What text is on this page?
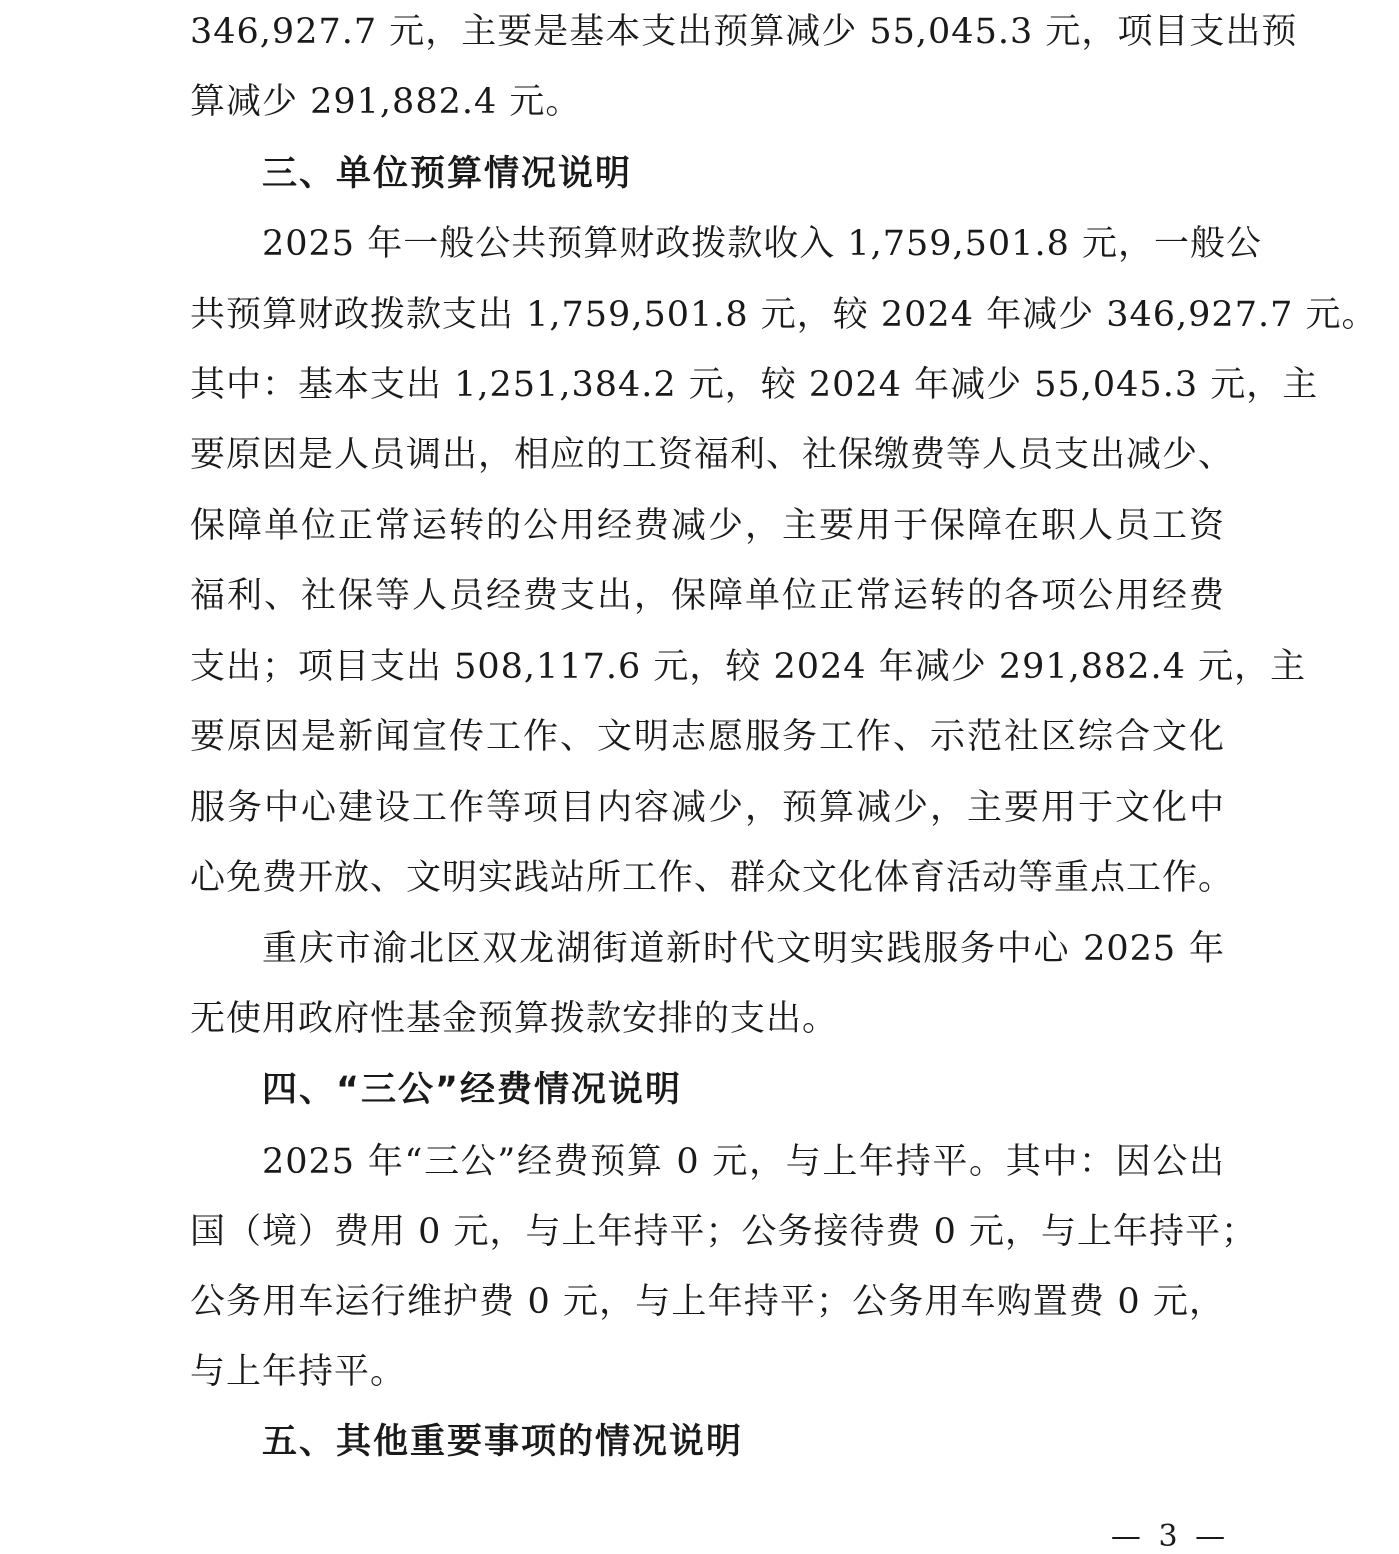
346,927.7 元，主要是基本支出预算减少 55,045.3 元，项目支出预
算减少 291,882.4 元。
三、单位预算情况说明
2025 年一般公共预算财政拨款收入 1,759,501.8 元，一般公
共预算财政拨款支出 1,759,501.8 元，较 2024 年减少 346,927.7 元。
其中：基本支出 1,251,384.2 元，较 2024 年减少 55,045.3 元，主
要原因是人员调出，相应的工资福利、社保缴费等人员支出减少、
保障单位正常运转的公用经费减少，主要用于保障在职人员工资
福利、社保等人员经费支出，保障单位正常运转的各项公用经费
支出；项目支出 508,117.6 元，较 2024 年减少 291,882.4 元，主
要原因是新闻宣传工作、文明志愿服务工作、示范社区综合文化
服务中心建设工作等项目内容减少，预算减少，主要用于文化中
心免费开放、文明实践站所工作、群众文化体育活动等重点工作。
重庆市渝北区双龙湖街道新时代文明实践服务中心 2025 年
无使用政府性基金预算拨款安排的支出。
四、“三公”经费情况说明
2025 年“三公”经费预算 0 元，与上年持平。其中：因公出
国（境）费用 0 元，与上年持平；公务接待费 0 元，与上年持平；
公务用车运行维护费 0 元，与上年持平；公务用车购置费 0 元，
与上年持平。
五、其他重要事项的情况说明
— 3 —
